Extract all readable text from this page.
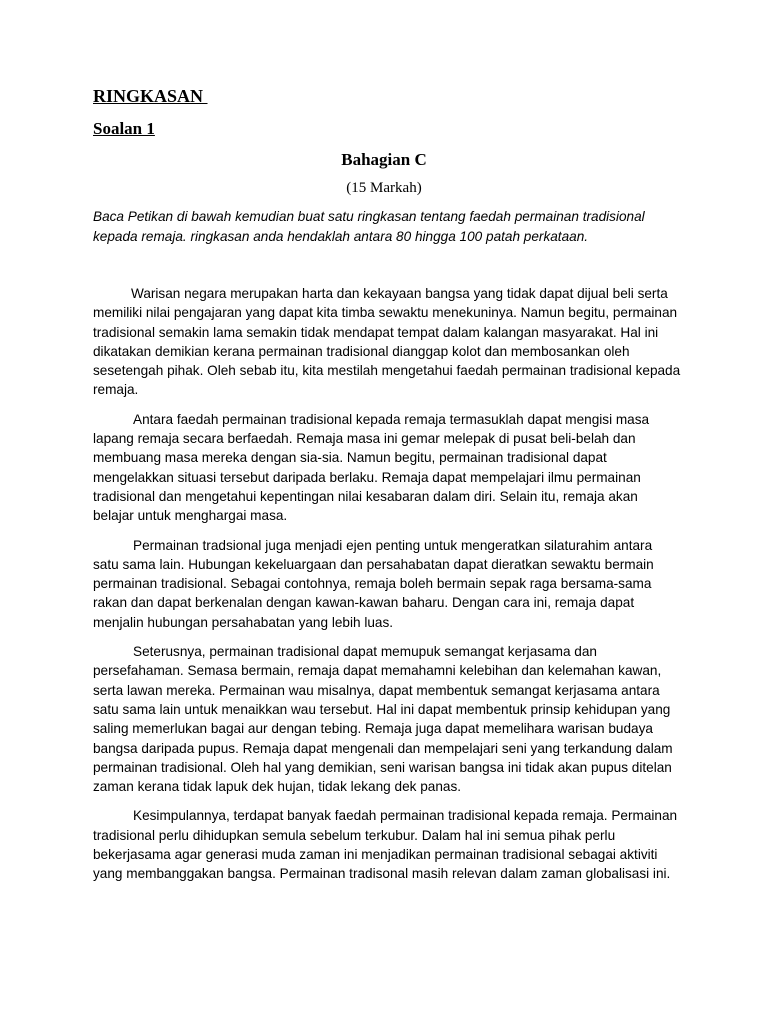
RINGKASAN
Soalan 1
Bahagian C
(15 Markah)
Baca Petikan di bawah kemudian buat satu ringkasan tentang faedah permainan tradisional kepada remaja. ringkasan anda hendaklah antara 80 hingga 100 patah perkataan.

Warisan negara merupakan harta dan kekayaan bangsa yang tidak dapat dijual beli serta memiliki nilai pengajaran yang dapat kita timba sewaktu menekuninya. Namun begitu, permainan tradisional semakin lama semakin tidak mendapat tempat dalam kalangan masyarakat. Hal ini dikatakan demikian kerana permainan tradisional dianggap kolot dan membosankan oleh sesetengah pihak. Oleh sebab itu, kita mestilah mengetahui faedah permainan tradisional kepada remaja.

Antara faedah permainan tradisional kepada remaja termasuklah dapat mengisi masa lapang remaja secara berfaedah. Remaja masa ini gemar melepak di pusat beli-belah dan membuang masa mereka dengan sia-sia. Namun begitu, permainan tradisional dapat mengelakkan situasi tersebut daripada berlaku. Remaja dapat mempelajari ilmu permainan tradisional dan mengetahui kepentingan nilai kesabaran dalam diri. Selain itu, remaja akan belajar untuk menghargai masa.

Permainan tradsional juga menjadi ejen penting untuk mengeratkan silaturahim antara satu sama lain. Hubungan kekeluargaan dan persahabatan dapat dieratkan sewaktu bermain permainan tradisional. Sebagai contohnya, remaja boleh bermain sepak raga bersama-sama rakan dan dapat berkenalan dengan kawan-kawan baharu. Dengan cara ini, remaja dapat menjalin hubungan persahabatan yang lebih luas.

Seterusnya, permainan tradisional dapat memupuk semangat kerjasama dan persefahaman. Semasa bermain, remaja dapat memahamni kelebihan dan kelemahan kawan, serta lawan mereka. Permainan wau misalnya, dapat membentuk semangat kerjasama antara satu sama lain untuk menaikkan wau tersebut. Hal ini dapat membentuk prinsip kehidupan yang saling memerlukan bagai aur dengan tebing. Remaja juga dapat memelihara warisan budaya bangsa daripada pupus. Remaja dapat mengenali dan mempelajari seni yang terkandung dalam permainan tradisional. Oleh hal yang demikian, seni warisan bangsa ini tidak akan pupus ditelan zaman kerana tidak lapuk dek hujan, tidak lekang dek panas.

Kesimpulannya, terdapat banyak faedah permainan tradisional kepada remaja. Permainan tradisional perlu dihidupkan semula sebelum terkubur. Dalam hal ini semua pihak perlu bekerjasama agar generasi muda zaman ini menjadikan permainan tradisional sebagai aktiviti yang membanggakan bangsa. Permainan tradisonal masih relevan dalam zaman globalisasi ini.
